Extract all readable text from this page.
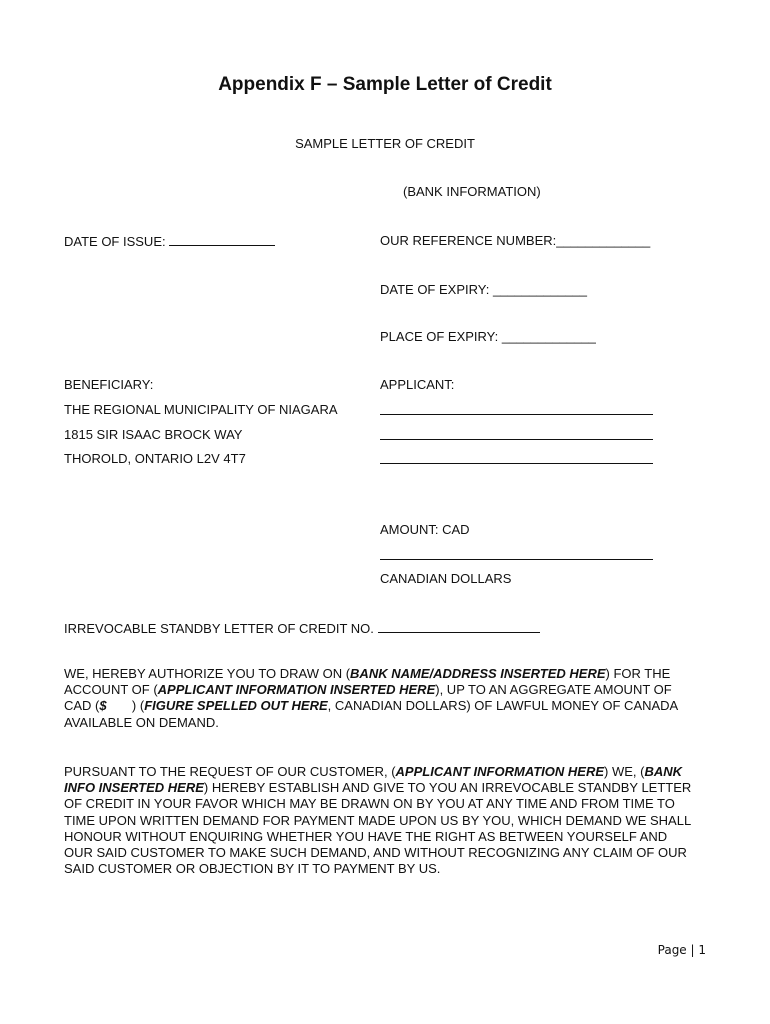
Appendix F – Sample Letter of Credit
SAMPLE LETTER OF CREDIT
(BANK INFORMATION)
DATE OF ISSUE:	OUR REFERENCE NUMBER:_____________
DATE OF EXPIRY: _____________
PLACE OF EXPIRY: _____________
BENEFICIARY:
THE REGIONAL MUNICIPALITY OF NIAGARA
1815 SIR ISAAC BROCK WAY
THOROLD, ONTARIO L2V 4T7
APPLICANT:
AMOUNT: CAD
CANADIAN DOLLARS
IRREVOCABLE STANDBY LETTER OF CREDIT NO.
WE, HEREBY AUTHORIZE YOU TO DRAW ON (BANK NAME/ADDRESS INSERTED HERE) FOR THE ACCOUNT OF (APPLICANT INFORMATION INSERTED HERE), UP TO AN AGGREGATE AMOUNT OF CAD ($       ) (FIGURE SPELLED OUT HERE, CANADIAN DOLLARS) OF LAWFUL MONEY OF CANADA AVAILABLE ON DEMAND.
PURSUANT TO THE REQUEST OF OUR CUSTOMER, (APPLICANT INFORMATION HERE) WE, (BANK INFO INSERTED HERE) HEREBY ESTABLISH AND GIVE TO YOU AN IRREVOCABLE STANDBY LETTER OF CREDIT IN YOUR FAVOR WHICH MAY BE DRAWN ON BY YOU AT ANY TIME AND FROM TIME TO TIME UPON WRITTEN DEMAND FOR PAYMENT MADE UPON US BY YOU, WHICH DEMAND WE SHALL HONOUR WITHOUT ENQUIRING WHETHER YOU HAVE THE RIGHT AS BETWEEN YOURSELF AND OUR SAID CUSTOMER TO MAKE SUCH DEMAND, AND WITHOUT RECOGNIZING ANY CLAIM OF OUR SAID CUSTOMER OR OBJECTION BY IT TO PAYMENT BY US.
Page | 1
